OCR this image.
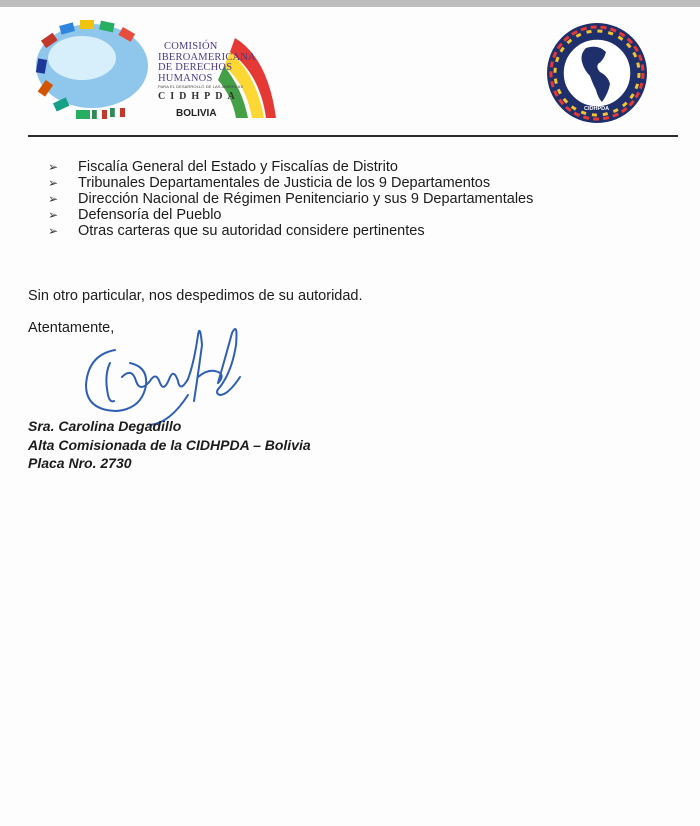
COMISIÓN
IBEROAMERICANA
DE DERECHOS
HUMANOS
PARA EL DESARROLLO DE LAS AMÉRICAS
CIDHPDA
BOLIVIA	CIDHPDA
➢ Fiscalía General del Estado y Fiscalías de Distrito
➢ Tribunales Departamentales de Justicia de los 9 Departamentos
➢ Dirección Nacional de Régimen Penitenciario y sus 9 Departamentales
➢ Defensoría del Pueblo
➢ Otras carteras que su autoridad considere pertinentes
Sin otro particular, nos despedimos de su autoridad.
Atentamente,
Sra. Carolina Degadillo
Alta Comisionada de la CIDHPDA – Bolivia
Placa Nro. 2730
